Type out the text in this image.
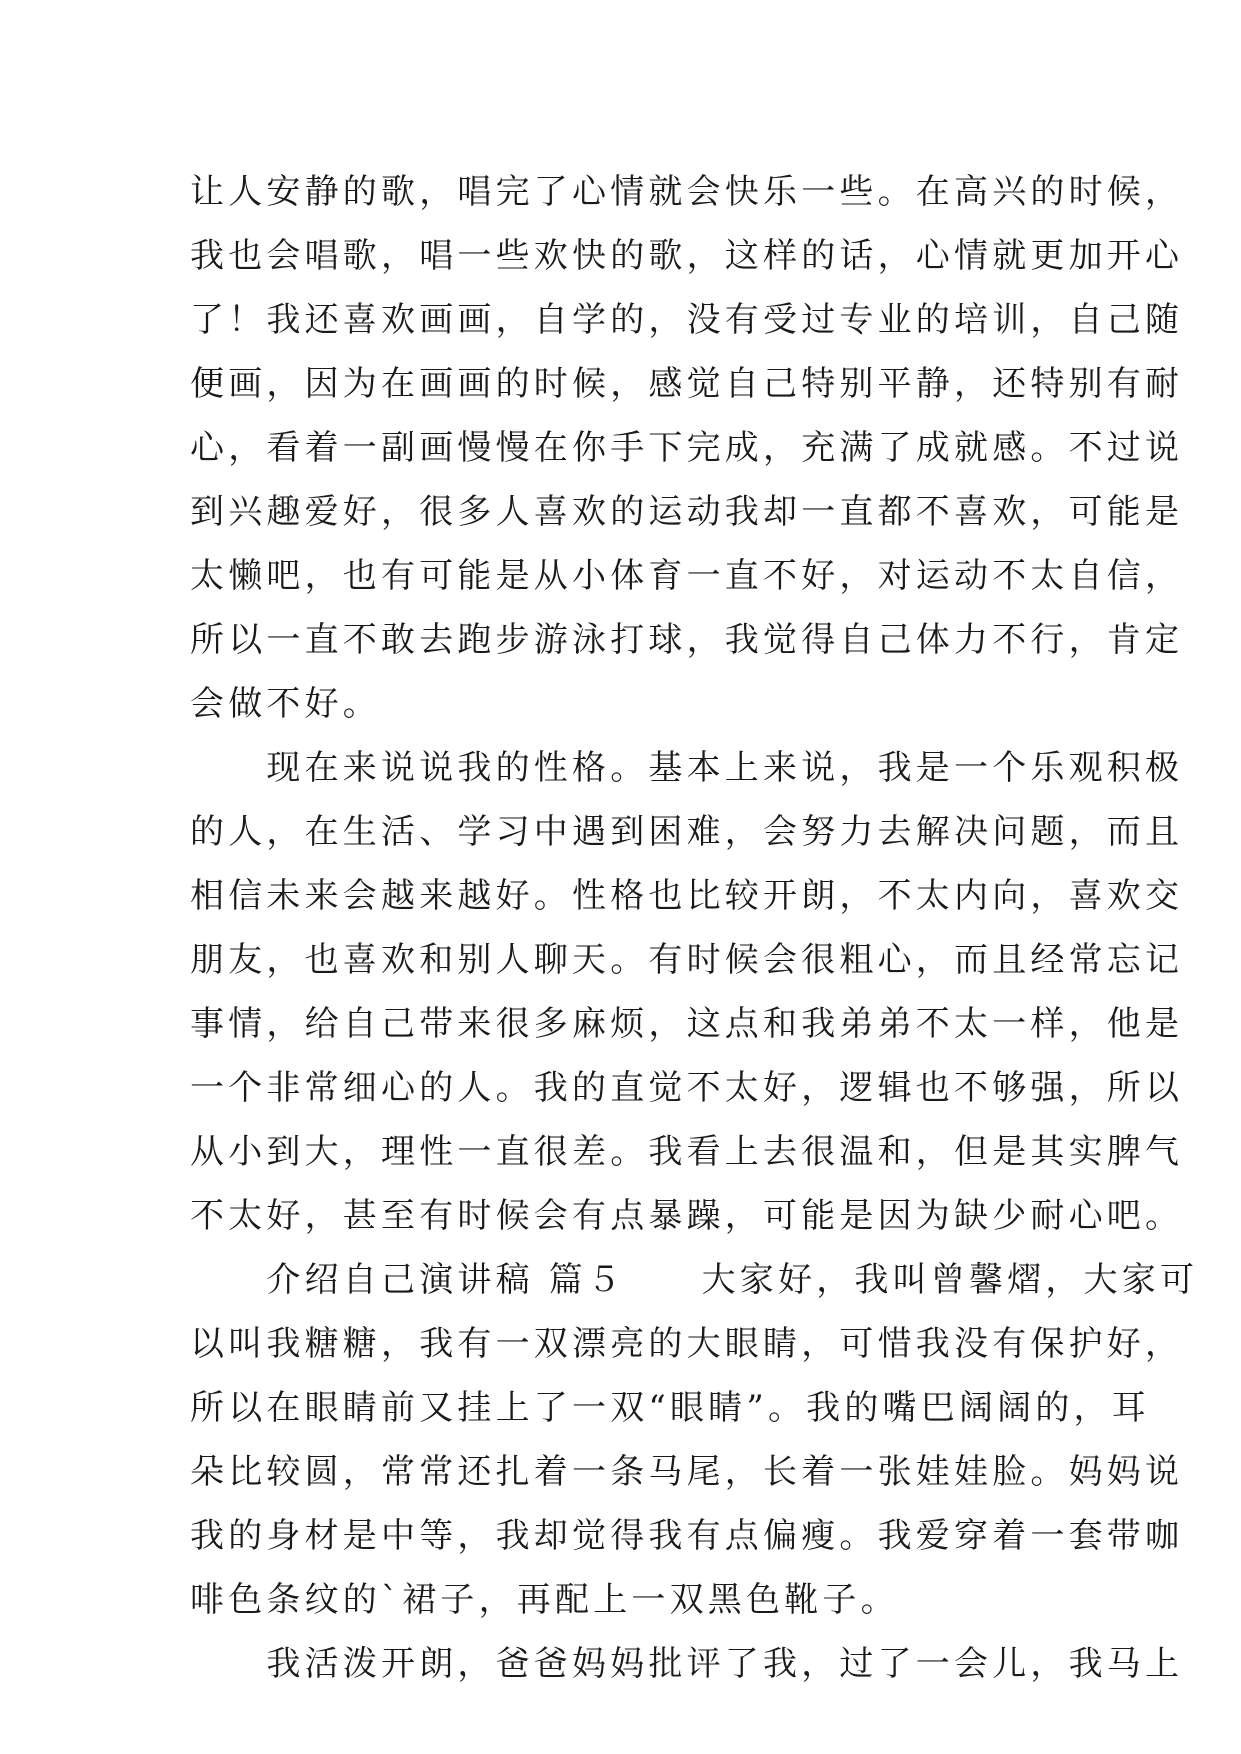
让人安静的歌，唱完了心情就会快乐一些。在高兴的时候，
我也会唱歌，唱一些欢快的歌，这样的话，心情就更加开心
了！我还喜欢画画，自学的，没有受过专业的培训，自己随
便画，因为在画画的时候，感觉自己特别平静，还特别有耐
心，看着一副画慢慢在你手下完成，充满了成就感。不过说
到兴趣爱好，很多人喜欢的运动我却一直都不喜欢，可能是
太懒吧，也有可能是从小体育一直不好，对运动不太自信，
所以一直不敢去跑步游泳打球，我觉得自己体力不行，肯定
会做不好。
　　现在来说说我的性格。基本上来说，我是一个乐观积极
的人，在生活、学习中遇到困难，会努力去解决问题，而且
相信未来会越来越好。性格也比较开朗，不太内向，喜欢交
朋友，也喜欢和别人聊天。有时候会很粗心，而且经常忘记
事情，给自己带来很多麻烦，这点和我弟弟不太一样，他是
一个非常细心的人。我的直觉不太好，逻辑也不够强，所以
从小到大，理性一直很差。我看上去很温和，但是其实脾气
不太好，甚至有时候会有点暴躁，可能是因为缺少耐心吧。
　　介绍自己演讲稿 篇５　　大家好，我叫曾馨熠，大家可
以叫我糖糖，我有一双漂亮的大眼睛，可惜我没有保护好，
所以在眼睛前又挂上了一双“眼睛”。我的嘴巴阔阔的，耳
朵比较圆，常常还扎着一条马尾，长着一张娃娃脸。妈妈说
我的身材是中等，我却觉得我有点偏瘦。我爱穿着一套带咖
啡色条纹的`裙子，再配上一双黑色靴子。
　　我活泼开朗，爸爸妈妈批评了我，过了一会儿，我马上
